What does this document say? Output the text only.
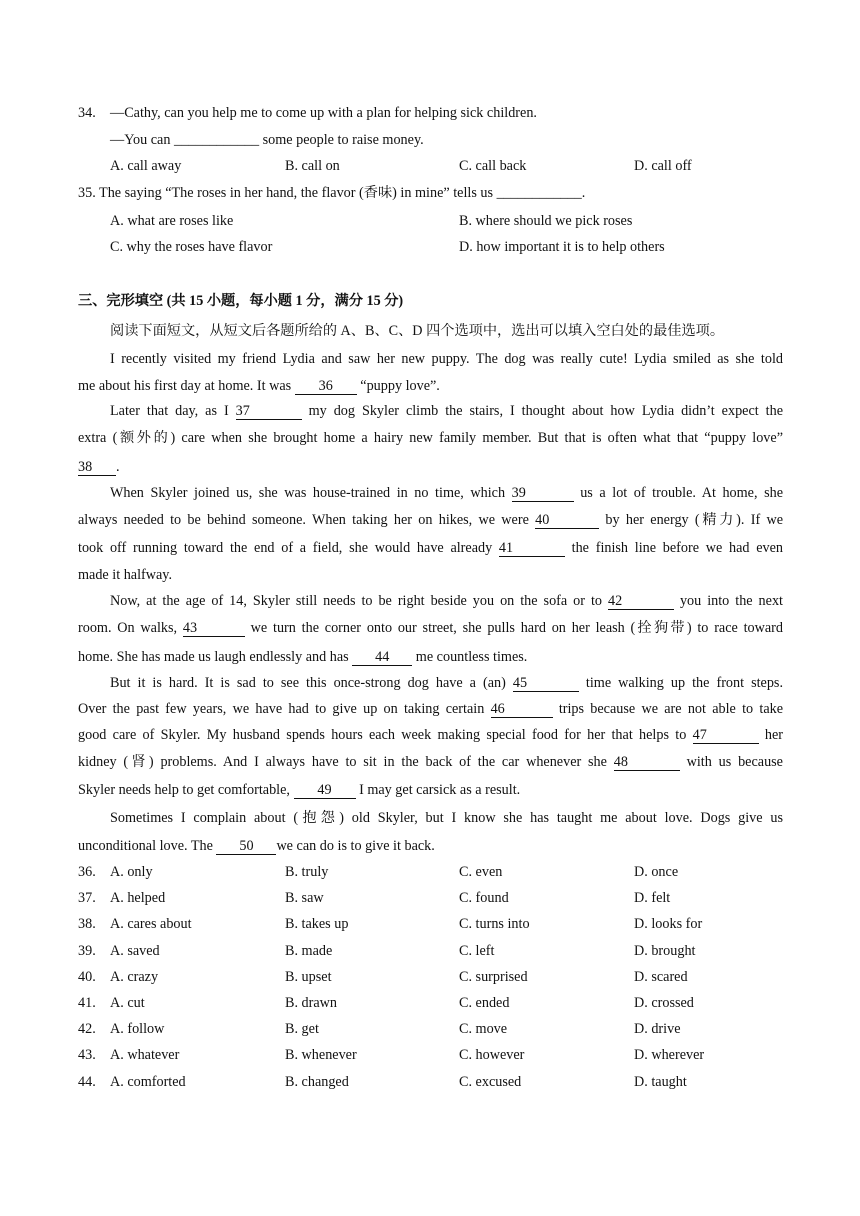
34. —Cathy, can you help me to come up with a plan for helping sick children.
—You can ____________ some people to raise money.
A. call away	B. call on	C. call back	D. call off
35. The saying “The roses in her hand, the flavor (香味) in mine” tells us ____________.
A. what are roses like	B. where should we pick roses
C. why the roses have flavor	D. how important it is to help others
三、完形填空 (共 15 小题，每小题 1 分，满分 15 分)
阅读下面短文，从短文后各题所给的 A、B、C、D 四个选项中，选出可以填入空白处的最佳选项。
I recently visited my friend Lydia and saw her new puppy. The dog was really cute! Lydia smiled as she told
me about his first day at home. It was 36 “puppy love”.
Later that day, as I 37	my dog Skyler climb the stairs, I thought about how Lydia didn’t expect the
extra (额外的) care when she brought home a hairy new family member. But that is often what that “puppy love”
38 .
When Skyler joined us, she was house-trained in no time, which 39	us a lot of trouble. At home, she
always needed to be behind someone. When taking her on hikes, we were 40	by her energy (精力). If we
took off running toward the end of a field, she would have already 41	the finish line before we had even
made it halfway.
Now, at the age of 14, Skyler still needs to be right beside you on the sofa or to 42	you into the next
room. On walks, 43	we turn the corner onto our street, she pulls hard on her leash (拴狗带) to race toward
home. She has made us laugh endlessly and has 44 me countless times.
But it is hard. It is sad to see this once-strong dog have a (an) 45	time walking up the front steps.
Over the past few years, we have had to give up on taking certain 46	trips because we are not able to take
good care of Skyler. My husband spends hours each week making special food for her that helps to 47	her
kidney (肾) problems. And I always have to sit in the back of the car whenever she 48	with us because
Skyler needs help to get comfortable, 49 I may get carsick as a result.
Sometimes I complain about (抱怨) old Skyler, but I know she has taught me about love. Dogs give us
unconditional love. The 50 we can do is to give it back.
36. A. only	B. truly	C. even	D. once
37. A. helped	B. saw	C. found	D. felt
38. A. cares about	B. takes up	C. turns into	D. looks for
39. A. saved	B. made	C. left	D. brought
40. A. crazy	B. upset	C. surprised	D. scared
41. A. cut	B. drawn	C. ended	D. crossed
42. A. follow	B. get	C. move	D. drive
43. A. whatever	B. whenever	C. however	D. wherever
44. A. comforted	B. changed	C. excused	D. taught
